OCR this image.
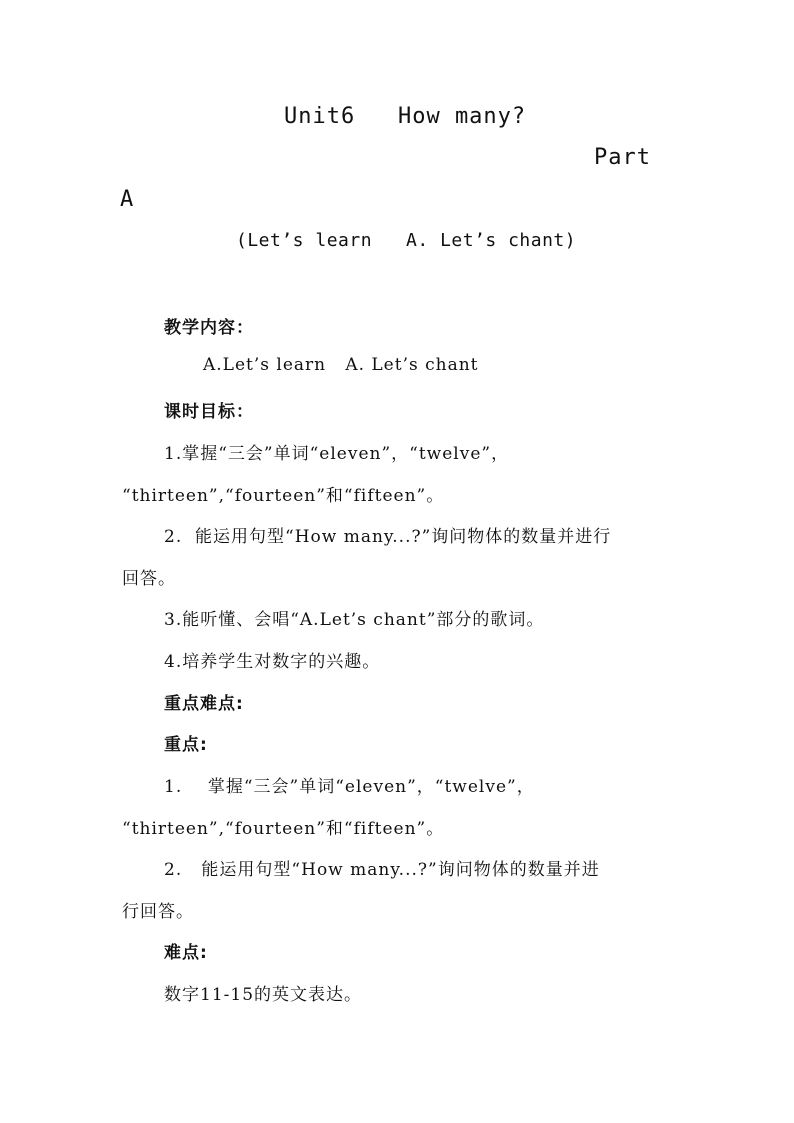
Unit6   How many?
Part
A
(Let’s learn   A. Let’s chant)
教学内容：
A.Let’s learn   A. Let’s chant
课时目标：
1.掌握“三会”单词“eleven”，“twelve”，
“thirteen”,“fourteen”和“fifteen”。
2.  能运用句型“How many...?”询问物体的数量并进行
回答。
3.能听懂、会唱“A.Let’s chant”部分的歌词。
4.培养学生对数字的兴趣。
重点难点:
重点:
1.    掌握“三会”单词“eleven”，“twelve”，
“thirteen”,“fourteen”和“fifteen”。
2.   能运用句型“How many...?”询问物体的数量并进
行回答。
难点:
数字11-15的英文表达。
